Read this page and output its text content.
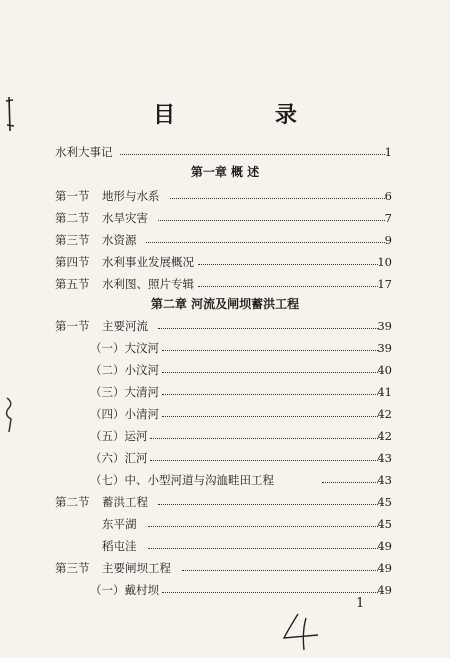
目 录
水利大事记	1
第一章 概 述
第一节 地形与水系	6
第二节 水旱灾害	7
第三节 水资源	9
第四节 水利事业发展概况	10
第五节 水利图、照片专辑	17
第二章 河流及闸坝蓄洪工程
第一节 主要河流	39
（一）大汶河	39
（二）小汶河	40
（三）大清河	41
（四）小清河	42
（五）运河	42
（六）汇河	43
（七）中、小型河道与沟洫畦田工程	43
第二节 蓄洪工程	45
东平湖	45
稻屯洼	49
第三节 主要闸坝工程	49
（一）戴村坝	49
1
